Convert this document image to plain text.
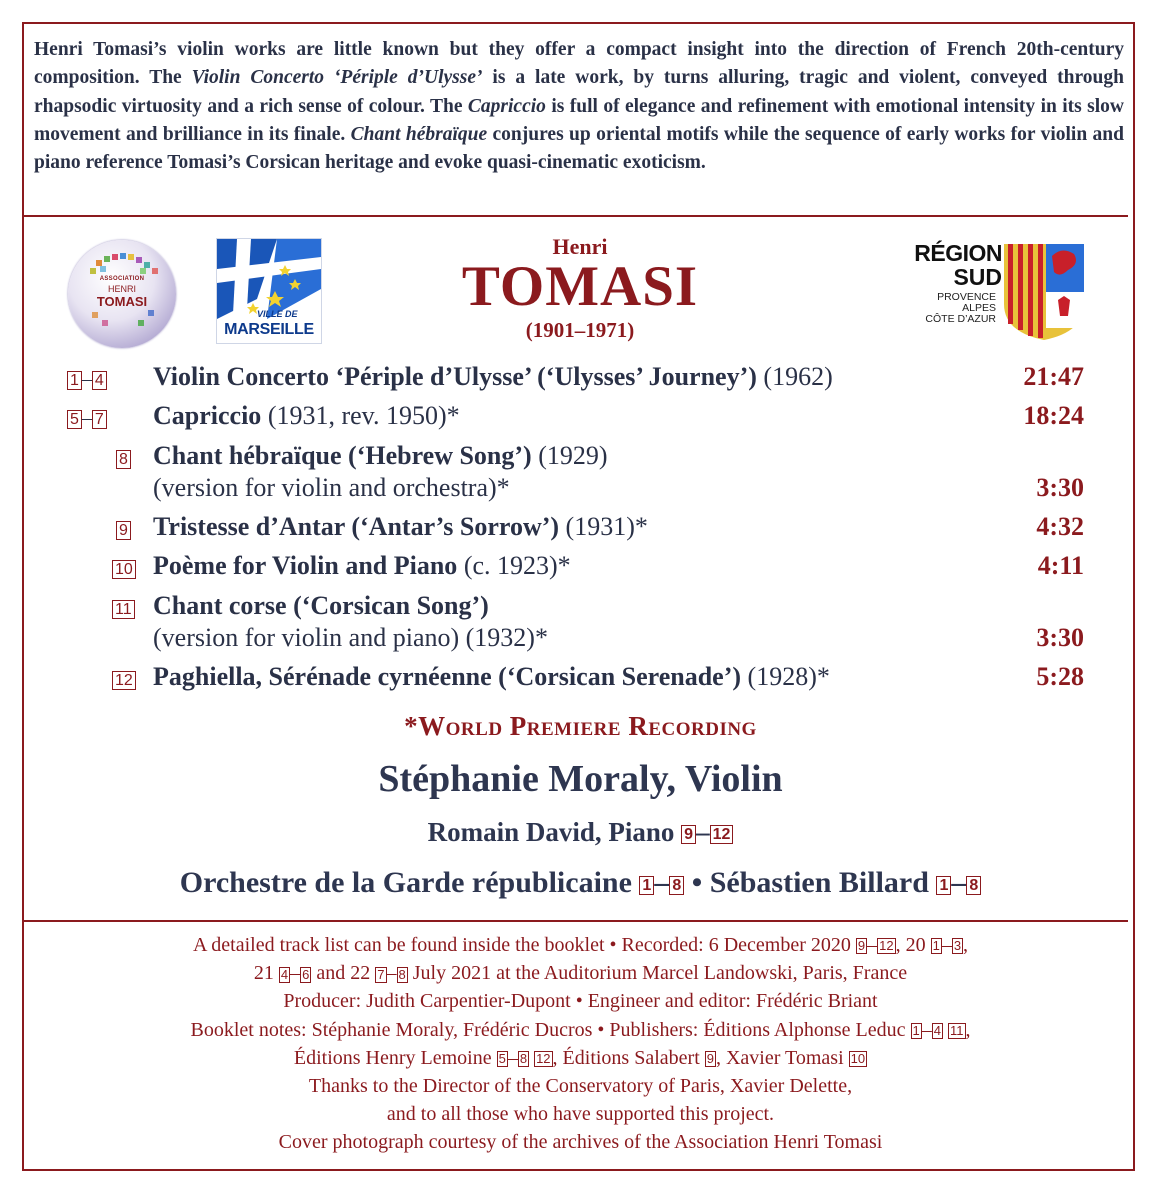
Henri Tomasi’s violin works are little known but they offer a compact insight into the direction of French 20th-century composition. The Violin Concerto ‘Périple d’Ulysse’ is a late work, by turns alluring, tragic and violent, conveyed through rhapsodic virtuosity and a rich sense of colour. The Capriccio is full of elegance and refinement with emotional intensity in its slow movement and brilliance in its finale. Chant hébraïque conjures up oriental motifs while the sequence of early works for violin and piano reference Tomasi’s Corsican heritage and evoke quasi-cinematic exoticism.
ASSOCIATION
HENRI
TOMASI
VILLE DE
MARSEILLE
Henri
TOMASI
(1901–1971)
RÉGION
SUD
PROVENCE
ALPES
CÔTE D’AZUR
1 – 4 Violin Concerto ‘Périple d’Ulysse’ (‘Ulysses’ Journey’) (1962)	21:47
5 – 7 Capriccio (1931, rev. 1950)*	18:24
8 Chant hébraïque (‘Hebrew Song’) (1929)
(version for violin and orchestra)*	3:30
9 Tristesse d’Antar (‘Antar’s Sorrow’) (1931)*	4:32
10 Poème for Violin and Piano (c. 1923)*	4:11
11 Chant corse (‘Corsican Song’)
(version for violin and piano) (1932)*	3:30
12 Paghiella, Sérénade cyrnéenne (‘Corsican Serenade’) (1928)*	5:28
*World Premiere Recording
Stéphanie Moraly, Violin
Romain David, Piano 9 – 12
Orchestre de la Garde républicaine 1 – 8 • Sébastien Billard 1 – 8
A detailed track list can be found inside the booklet • Recorded: 6 December 2020 9 – 12 , 20 1 – 3 ,
21 4 – 6 and 22 7 – 8 July 2021 at the Auditorium Marcel Landowski, Paris, France
Producer: Judith Carpentier-Dupont • Engineer and editor: Frédéric Briant
Booklet notes: Stéphanie Moraly, Frédéric Ducros • Publishers: Éditions Alphonse Leduc 1 – 4 11 ,
Éditions Henry Lemoine 5 – 8 12 , Éditions Salabert 9 , Xavier Tomasi 10
Thanks to the Director of the Conservatory of Paris, Xavier Delette,
and to all those who have supported this project.
Cover photograph courtesy of the archives of the Association Henri Tomasi
